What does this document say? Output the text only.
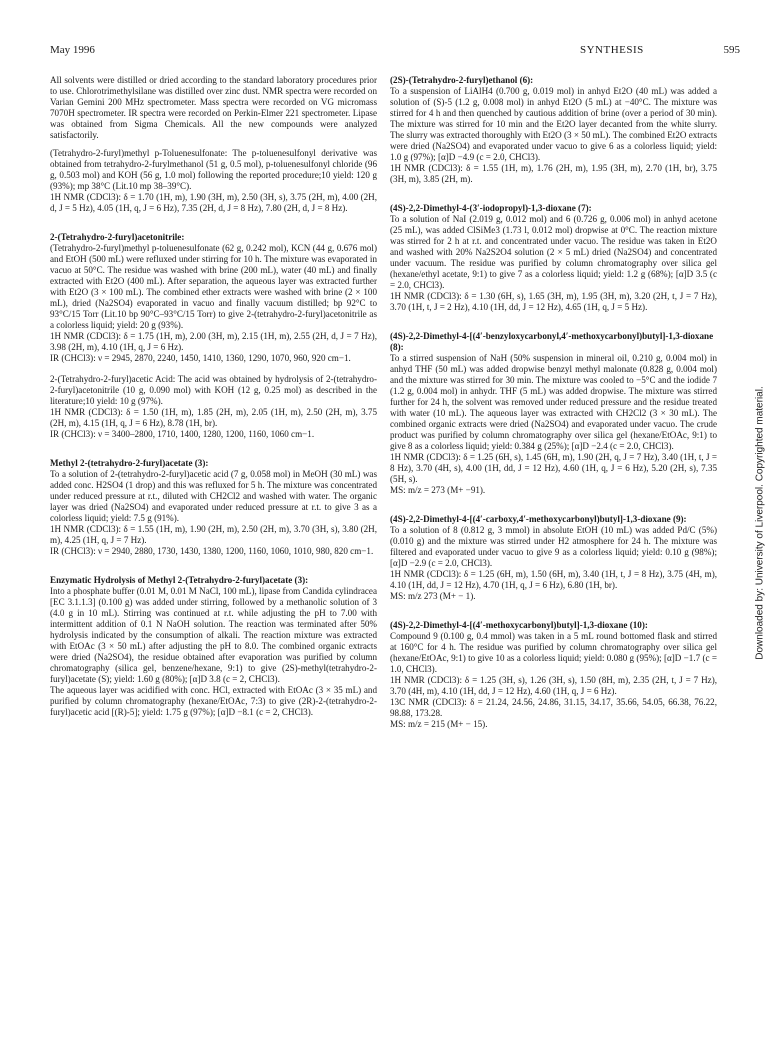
May 1996	SYNTHESIS	595

All solvents were distilled or dried according to the standard laboratory procedures prior to use. Chlorotrimethylsilane was distilled over zinc dust. NMR spectra were recorded on Varian Gemini 200 MHz spectrometer. Mass spectra were recorded on VG micromass 7070H spectrometer. IR spectra were recorded on Perkin-Elmer 221 spectrometer. Lipase was obtained from Sigma Chemicals. All the new compounds were analyzed satisfactorily.

(Tetrahydro-2-furyl)methyl p-Toluenesulfonate: The p-toluenesulfonyl derivative was obtained from tetrahydro-2-furylmethanol (51 g, 0.5 mol), p-toluenesulfonyl chloride (96 g, 0.503 mol) and KOH (56 g, 1.0 mol) following the reported procedure;10 yield: 120 g (93%); mp 38°C (Lit.10 mp 38–39°C).

1H NMR (CDCl3): δ = 1.70 (1H, m), 1.90 (3H, m), 2.50 (3H, s), 3.75 (2H, m), 4.00 (2H, d, J = 5 Hz), 4.05 (1H, q, J = 6 Hz), 7.35 (2H, d, J = 8 Hz), 7.80 (2H, d, J = 8 Hz).

2-(Tetrahydro-2-furyl)acetonitrile:

(Tetrahydro-2-furyl)methyl p-toluenesulfonate (62 g, 0.242 mol), KCN (44 g, 0.676 mol) and EtOH (500 mL) were refluxed under stirring for 10 h. The mixture was evaporated in vacuo at 50°C. The residue was washed with brine (200 mL), water (40 mL) and finally extracted with Et2O (400 mL). After separation, the aqueous layer was extracted further with Et2O (3 × 100 mL). The combined ether extracts were washed with brine (2 × 100 mL), dried (Na2SO4) evaporated in vacuo and finally vacuum distilled; bp 92°C to 93°C/15 Torr (Lit.10 bp 90°C–93°C/15 Torr) to give 2-(tetrahydro-2-furyl)acetonitrile as a colorless liquid; yield: 20 g (93%).

1H NMR (CDCl3): δ = 1.75 (1H, m), 2.00 (3H, m), 2.15 (1H, m), 2.55 (2H, d, J = 7 Hz), 3.98 (2H, m), 4.10 (1H, q, J = 6 Hz).

IR (CHCl3): ν = 2945, 2870, 2240, 1450, 1410, 1360, 1290, 1070, 960, 920 cm−1.

2-(Tetrahydro-2-furyl)acetic Acid: The acid was obtained by hydrolysis of 2-(tetrahydro-2-furyl)acetonitrile (10 g, 0.090 mol) with KOH (12 g, 0.25 mol) as described in the literature;10 yield: 10 g (97%).

1H NMR (CDCl3): δ = 1.50 (1H, m), 1.85 (2H, m), 2.05 (1H, m), 2.50 (2H, m), 3.75 (2H, m), 4.15 (1H, q, J = 6 Hz), 8.78 (1H, br).

IR (CHCl3): ν = 3400–2800, 1710, 1400, 1280, 1200, 1160, 1060 cm−1.

Methyl 2-(tetrahydro-2-furyl)acetate (3):

To a solution of 2-(tetrahydro-2-furyl)acetic acid (7 g, 0.058 mol) in MeOH (30 mL) was added conc. H2SO4 (1 drop) and this was refluxed for 5 h. The mixture was concentrated under reduced pressure at r.t., diluted with CH2Cl2 and washed with water. The organic layer was dried (Na2SO4) and evaporated under reduced pressure at r.t. to give 3 as a colorless liquid; yield: 7.5 g (91%).

1H NMR (CDCl3): δ = 1.55 (1H, m), 1.90 (2H, m), 2.50 (2H, m), 3.70 (3H, s), 3.80 (2H, m), 4.25 (1H, q, J = 7 Hz).

IR (CHCl3): ν = 2940, 2880, 1730, 1430, 1380, 1200, 1160, 1060, 1010, 980, 820 cm−1.

Enzymatic Hydrolysis of Methyl 2-(Tetrahydro-2-furyl)acetate (3):

Into a phosphate buffer (0.01 M, 0.01 M NaCl, 100 mL), lipase from Candida cylindracea [EC 3.1.1.3] (0.100 g) was added under stirring, followed by a methanolic solution of 3 (4.0 g in 10 mL). Stirring was continued at r.t. while adjusting the pH to 7.00 with intermittent addition of 0.1 N NaOH solution. The reaction was terminated after 50% hydrolysis indicated by the consumption of alkali. The reaction mixture was extracted with EtOAc (3 × 50 mL) after adjusting the pH to 8.0. The combined organic extracts were dried (Na2SO4), the residue obtained after evaporation was purified by column chromatography (silica gel, benzene/hexane, 9:1) to give (2S)-methyl(tetrahydro-2-furyl)acetate (S); yield: 1.60 g (80%); [α]D 3.8 (c = 2, CHCl3).

The aqueous layer was acidified with conc. HCl, extracted with EtOAc (3 × 35 mL) and purified by column chromatography (hexane/EtOAc, 7:3) to give (2R)-2-(tetrahydro-2-furyl)acetic acid [(R)-5]; yield: 1.75 g (97%); [α]D −8.1 (c = 2, CHCl3).

(2S)-(Tetrahydro-2-furyl)ethanol (6):

To a suspension of LiAlH4 (0.700 g, 0.019 mol) in anhyd Et2O (40 mL) was added a solution of (S)-5 (1.2 g, 0.008 mol) in anhyd Et2O (5 mL) at −40°C. The mixture was stirred for 4 h and then quenched by cautious addition of brine (over a period of 30 min). The mixture was stirred for 10 min and the Et2O layer decanted from the white slurry. The slurry was extracted thoroughly with Et2O (3 × 50 mL). The combined Et2O extracts were dried (Na2SO4) and evaporated under vacuo to give 6 as a colorless liquid; yield: 1.0 g (97%); [α]D −4.9 (c = 2.0, CHCl3).

1H NMR (CDCl3): δ = 1.55 (1H, m), 1.76 (2H, m), 1.95 (3H, m), 2.70 (1H, br), 3.75 (3H, m), 3.85 (2H, m).

(4S)-2,2-Dimethyl-4-(3′-iodopropyl)-1,3-dioxane (7):

To a solution of NaI (2.019 g, 0.012 mol) and 6 (0.726 g, 0.006 mol) in anhyd acetone (25 mL), was added ClSiMe3 (1.73 l, 0.012 mol) dropwise at 0°C. The reaction mixture was stirred for 2 h at r.t. and concentrated under vacuo. The residue was taken in Et2O and washed with 20% Na2S2O4 solution (2 × 5 mL) dried (Na2SO4) and concentrated under vacuum. The residue was purified by column chromatography over silica gel (hexane/ethyl acetate, 9:1) to give 7 as a colorless liquid; yield: 1.2 g (68%); [α]D 3.5 (c = 2.0, CHCl3).

1H NMR (CDCl3): δ = 1.30 (6H, s), 1.65 (3H, m), 1.95 (3H, m), 3.20 (2H, t, J = 7 Hz), 3.70 (1H, t, J = 2 Hz), 4.10 (1H, dd, J = 12 Hz), 4.65 (1H, q, J = 5 Hz).

(4S)-2,2-Dimethyl-4-[(4′-benzyloxycarbonyl,4′-methoxycarbonyl)butyl]-1,3-dioxane (8):

To a stirred suspension of NaH (50% suspension in mineral oil, 0.210 g, 0.004 mol) in anhyd THF (50 mL) was added dropwise benzyl methyl malonate (0.828 g, 0.004 mol) and the mixture was stirred for 30 min. The mixture was cooled to −5°C and the iodide 7 (1.2 g, 0.004 mol) in anhydr. THF (5 mL) was added dropwise. The mixture was stirred further for 24 h, the solvent was removed under reduced pressure and the residue treated with water (10 mL). The aqueous layer was extracted with CH2Cl2 (3 × 30 mL). The combined organic extracts were dried (Na2SO4) and evaporated under vacuo. The crude product was purified by column chromatography over silica gel (hexane/EtOAc, 9:1) to give 8 as a colorless liquid; yield: 0.384 g (25%); [α]D −2.4 (c = 2.0, CHCl3).

1H NMR (CDCl3): δ = 1.25 (6H, s), 1.45 (6H, m), 1.90 (2H, q, J = 7 Hz), 3.40 (1H, t, J = 8 Hz), 3.70 (4H, s), 4.00 (1H, dd, J = 12 Hz), 4.60 (1H, q, J = 6 Hz), 5.20 (2H, s), 7.35 (5H, s).

MS: m/z = 273 (M+ −91).

(4S)-2,2-Dimethyl-4-[(4′-carboxy,4′-methoxycarbonyl)butyl]-1,3-dioxane (9):

To a solution of 8 (0.812 g, 3 mmol) in absolute EtOH (10 mL) was added Pd/C (5%) (0.010 g) and the mixture was stirred under H2 atmosphere for 24 h. The mixture was filtered and evaporated under vacuo to give 9 as a colorless liquid; yield: 0.10 g (98%); [α]D −2.9 (c = 2.0, CHCl3).

1H NMR (CDCl3): δ = 1.25 (6H, m), 1.50 (6H, m), 3.40 (1H, t, J = 8 Hz), 3.75 (4H, m), 4.10 (1H, dd, J = 12 Hz), 4.70 (1H, q, J = 6 Hz), 6.80 (1H, br).

MS: m/z 273 (M+ − 1).

(4S)-2,2-Dimethyl-4-[(4′-methoxycarbonyl)butyl]-1,3-dioxane (10):

Compound 9 (0.100 g, 0.4 mmol) was taken in a 5 mL round bottomed flask and stirred at 160°C for 4 h. The residue was purified by column chromatography over silica gel (hexane/EtOAc, 9:1) to give 10 as a colorless liquid; yield: 0.080 g (95%); [α]D −1.7 (c = 1.0, CHCl3).

1H NMR (CDCl3): δ = 1.25 (3H, s), 1.26 (3H, s), 1.50 (8H, m), 2.35 (2H, t, J = 7 Hz), 3.70 (4H, m), 4.10 (1H, dd, J = 12 Hz), 4.60 (1H, q, J = 6 Hz).

13C NMR (CDCl3): δ = 21.24, 24.56, 24.86, 31.15, 34.17, 35.66, 54.05, 66.38, 76.22, 98.88, 173.28.

MS: m/z = 215 (M+ − 15).

Downloaded by: University of Liverpool. Copyrighted material.
